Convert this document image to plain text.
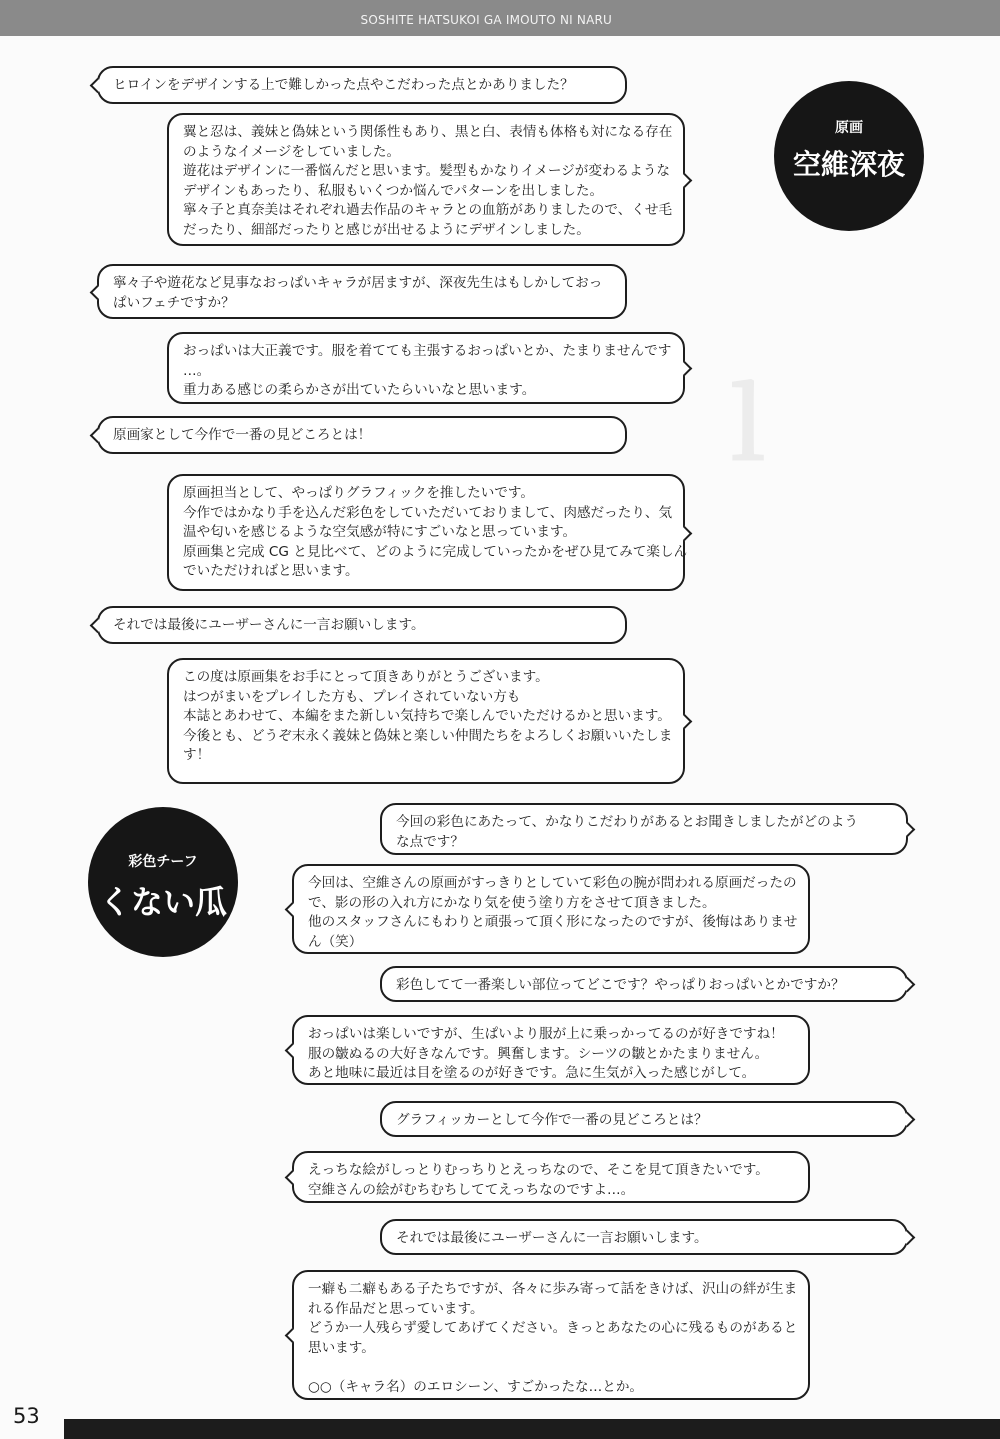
SOSHITE HATSUKOI GA IMOUTO NI NARU
ｌ
ヒロインをデザインする上で難しかった点やこだわった点とかありました？
翼と忍は、義妹と偽妹という関係性もあり、黒と白、表情も体格も対になる存在
のようなイメージをしていました。
遊花はデザインに一番悩んだと思います。髪型もかなりイメージが変わるような
デザインもあったり、私服もいくつか悩んでパターンを出しました。
寧々子と真奈美はそれぞれ過去作品のキャラとの血筋がありましたので、くせ毛
だったり、細部だったりと感じが出せるようにデザインしました。
寧々子や遊花など見事なおっぱいキャラが居ますが、深夜先生はもしかしておっ
ぱいフェチですか？
おっぱいは大正義です。服を着てても主張するおっぱいとか、たまりませんです
…。
重力ある感じの柔らかさが出ていたらいいなと思います。
原画家として今作で一番の見どころとは！
原画担当として、やっぱりグラフィックを推したいです。
今作ではかなり手を込んだ彩色をしていただいておりまして、肉感だったり、気
温や匂いを感じるような空気感が特にすごいなと思っています。
原画集と完成 CG と見比べて、どのように完成していったかをぜひ見てみて楽しん
でいただければと思います。
それでは最後にユーザーさんに一言お願いします。
この度は原画集をお手にとって頂きありがとうございます。
はつがまいをプレイした方も、プレイされていない方も
本誌とあわせて、本編をまた新しい気持ちで楽しんでいただけるかと思います。
今後とも、どうぞ末永く義妹と偽妹と楽しい仲間たちをよろしくお願いいたしま
す！
原画
空維深夜
彩色チーフ
くない瓜
今回の彩色にあたって、かなりこだわりがあるとお聞きしましたがどのよう
な点です？
今回は、空維さんの原画がすっきりとしていて彩色の腕が問われる原画だったの
で、影の形の入れ方にかなり気を使う塗り方をさせて頂きました。
他のスタッフさんにもわりと頑張って頂く形になったのですが、後悔はありませ
ん（笑）
彩色してて一番楽しい部位ってどこです？やっぱりおっぱいとかですか？
おっぱいは楽しいですが、生ぱいより服が上に乗っかってるのが好きですね！
服の皺ぬるの大好きなんです。興奮します。シーツの皺とかたまりません。
あと地味に最近は目を塗るのが好きです。急に生気が入った感じがして。
グラフィッカーとして今作で一番の見どころとは？
えっちな絵がしっとりむっちりとえっちなので、そこを見て頂きたいです。
空維さんの絵がむちむちしててえっちなのですよ…。
それでは最後にユーザーさんに一言お願いします。
一癖も二癖もある子たちですが、各々に歩み寄って話をきけば、沢山の絆が生ま
れる作品だと思っています。
どうか一人残らず愛してあげてください。きっとあなたの心に残るものがあると
思います。
○○（キャラ名）のエロシーン、すごかったな…とか。
53
